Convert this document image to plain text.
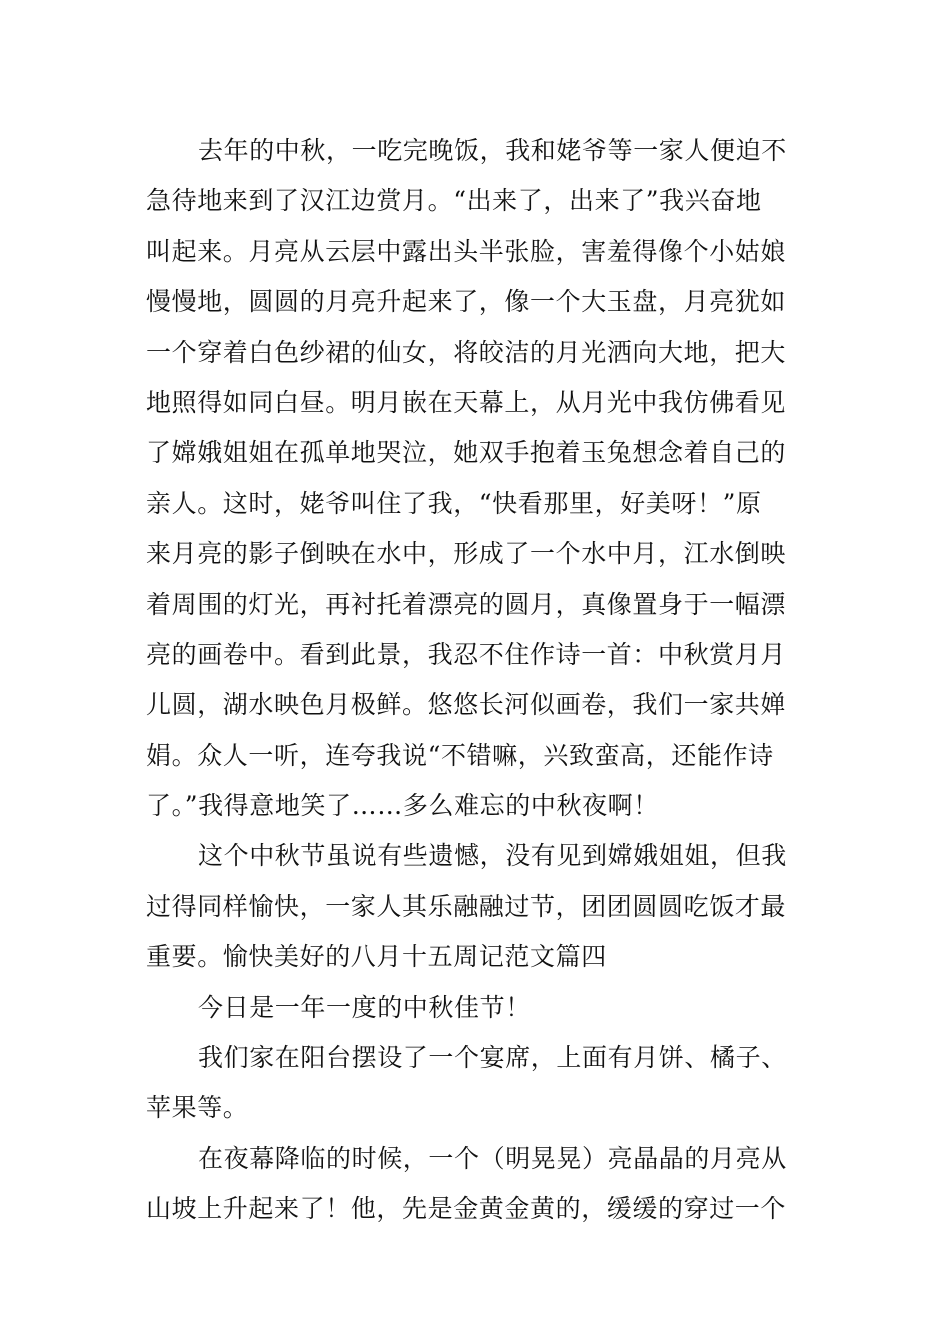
去年的中秋，一吃完晚饭，我和姥爷等一家人便迫不
急待地来到了汉江边赏月。“出来了，出来了”我兴奋地
叫起来。月亮从云层中露出头半张脸，害羞得像个小姑娘
慢慢地，圆圆的月亮升起来了，像一个大玉盘，月亮犹如
一个穿着白色纱裙的仙女，将皎洁的月光洒向大地，把大
地照得如同白昼。明月嵌在天幕上，从月光中我仿佛看见
了嫦娥姐姐在孤单地哭泣，她双手抱着玉兔想念着自己的
亲人。这时，姥爷叫住了我，“快看那里，好美呀！”原
来月亮的影子倒映在水中，形成了一个水中月，江水倒映
着周围的灯光，再衬托着漂亮的圆月，真像置身于一幅漂
亮的画卷中。看到此景，我忍不住作诗一首：中秋赏月月
儿圆，湖水映色月极鲜。悠悠长河似画卷，我们一家共婵
娟。众人一听，连夸我说“不错嘛，兴致蛮高，还能作诗
了。”我得意地笑了……多么难忘的中秋夜啊！
这个中秋节虽说有些遗憾，没有见到嫦娥姐姐，但我
过得同样愉快，一家人其乐融融过节，团团圆圆吃饭才最
重要。愉快美好的八月十五周记范文篇四
今日是一年一度的中秋佳节！
我们家在阳台摆设了一个宴席，上面有月饼、橘子、
苹果等。
在夜幕降临的时候，一个（明晃晃）亮晶晶的月亮从
山坡上升起来了！他，先是金黄金黄的，缓缓的穿过一个
